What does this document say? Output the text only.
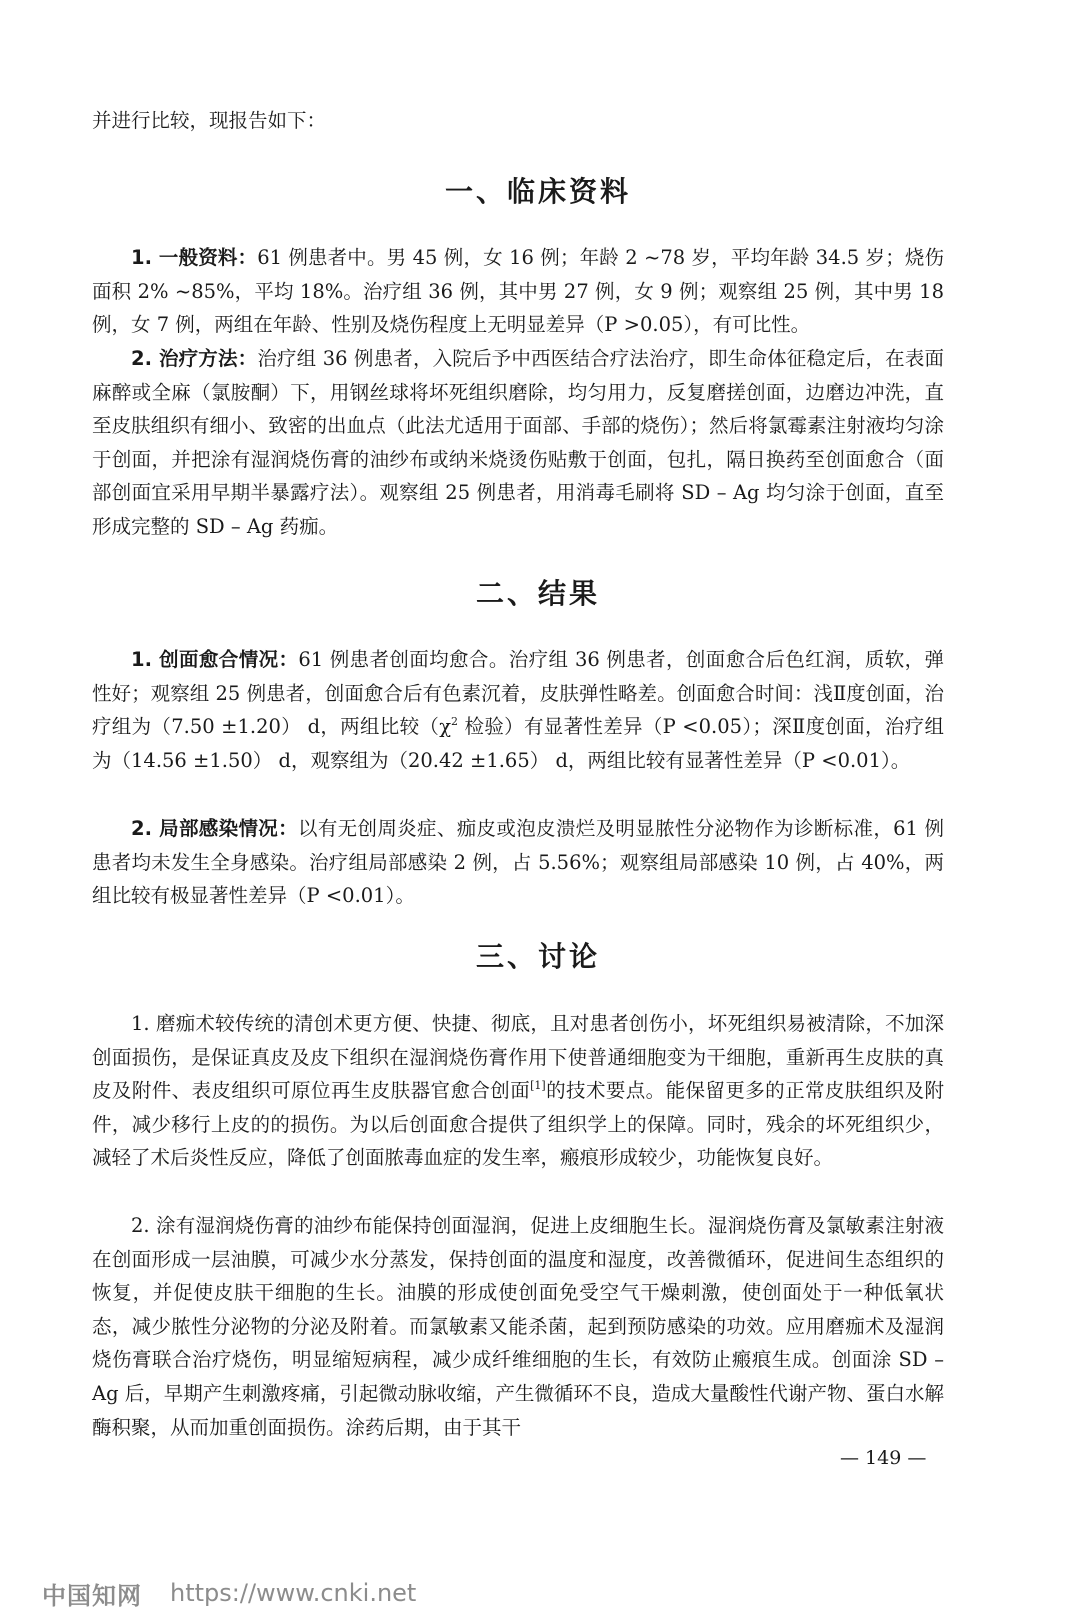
并进行比较，现报告如下：

一、临床资料

1. 一般资料：61 例患者中。男 45 例，女 16 例；年龄 2 ~78 岁，平均年龄 34.5 岁；烧伤面积 2% ~85%，平均 18%。治疗组 36 例，其中男 27 例，女 9 例；观察组 25 例，其中男 18 例，女 7 例，两组在年龄、性别及烧伤程度上无明显差异（P >0.05），有可比性。

2. 治疗方法：治疗组 36 例患者，入院后予中西医结合疗法治疗，即生命体征稳定后，在表面麻醉或全麻（氯胺酮）下，用钢丝球将坏死组织磨除，均匀用力，反复磨搓创面，边磨边冲洗，直至皮肤组织有细小、致密的出血点（此法尤适用于面部、手部的烧伤）；然后将氯霉素注射液均匀涂于创面，并把涂有湿润烧伤膏的油纱布或纳米烧烫伤贴敷于创面，包扎，隔日换药至创面愈合（面部创面宜采用早期半暴露疗法）。观察组 25 例患者，用消毒毛刷将 SD – Ag 均匀涂于创面，直至形成完整的 SD – Ag 药痂。

二、结果

1. 创面愈合情况：61 例患者创面均愈合。治疗组 36 例患者，创面愈合后色红润，质软，弹性好；观察组 25 例患者，创面愈合后有色素沉着，皮肤弹性略差。创面愈合时间：浅Ⅱ度创面，治疗组为（7.50 ±1.20） d，两组比较（$\chi^2$ 检验）有显著性差异（P <0.05）；深Ⅱ度创面，治疗组为（14.56 ±1.50） d，观察组为（20.42 ±1.65） d，两组比较有显著性差异（P <0.01）。

2. 局部感染情况：以有无创周炎症、痂皮或泡皮溃烂及明显脓性分泌物作为诊断标准，61 例患者均未发生全身感染。治疗组局部感染 2 例，占 5.56%；观察组局部感染 10 例，占 40%，两组比较有极显著性差异（P <0.01）。

三、讨论

1. 磨痂术较传统的清创术更方便、快捷、彻底，且对患者创伤小，坏死组织易被清除，不加深创面损伤，是保证真皮及皮下组织在湿润烧伤膏作用下使普通细胞变为干细胞，重新再生皮肤的真皮及附件、表皮组织可原位再生皮肤器官愈合创面[1]的技术要点。能保留更多的正常皮肤组织及附件，减少移行上皮的的损伤。为以后创面愈合提供了组织学上的保障。同时，残余的坏死组织少，减轻了术后炎性反应，降低了创面脓毒血症的发生率，瘢痕形成较少，功能恢复良好。

2. 涂有湿润烧伤膏的油纱布能保持创面湿润，促进上皮细胞生长。湿润烧伤膏及氯敏素注射液在创面形成一层油膜，可减少水分蒸发，保持创面的温度和湿度，改善微循环，促进间生态组织的恢复，并促使皮肤干细胞的生长。油膜的形成使创面免受空气干燥刺激，使创面处于一种低氧状态，减少脓性分泌物的分泌及附着。而氯敏素又能杀菌，起到预防感染的功效。应用磨痂术及湿润烧伤膏联合治疗烧伤，明显缩短病程，减少成纤维细胞的生长，有效防止瘢痕生成。创面涂 SD – Ag 后，早期产生刺激疼痛，引起微动脉收缩，产生微循环不良，造成大量酸性代谢产物、蛋白水解酶积聚，从而加重创面损伤。涂药后期，由于其干

— 149 —
中国知网 https://www.cnki.net
